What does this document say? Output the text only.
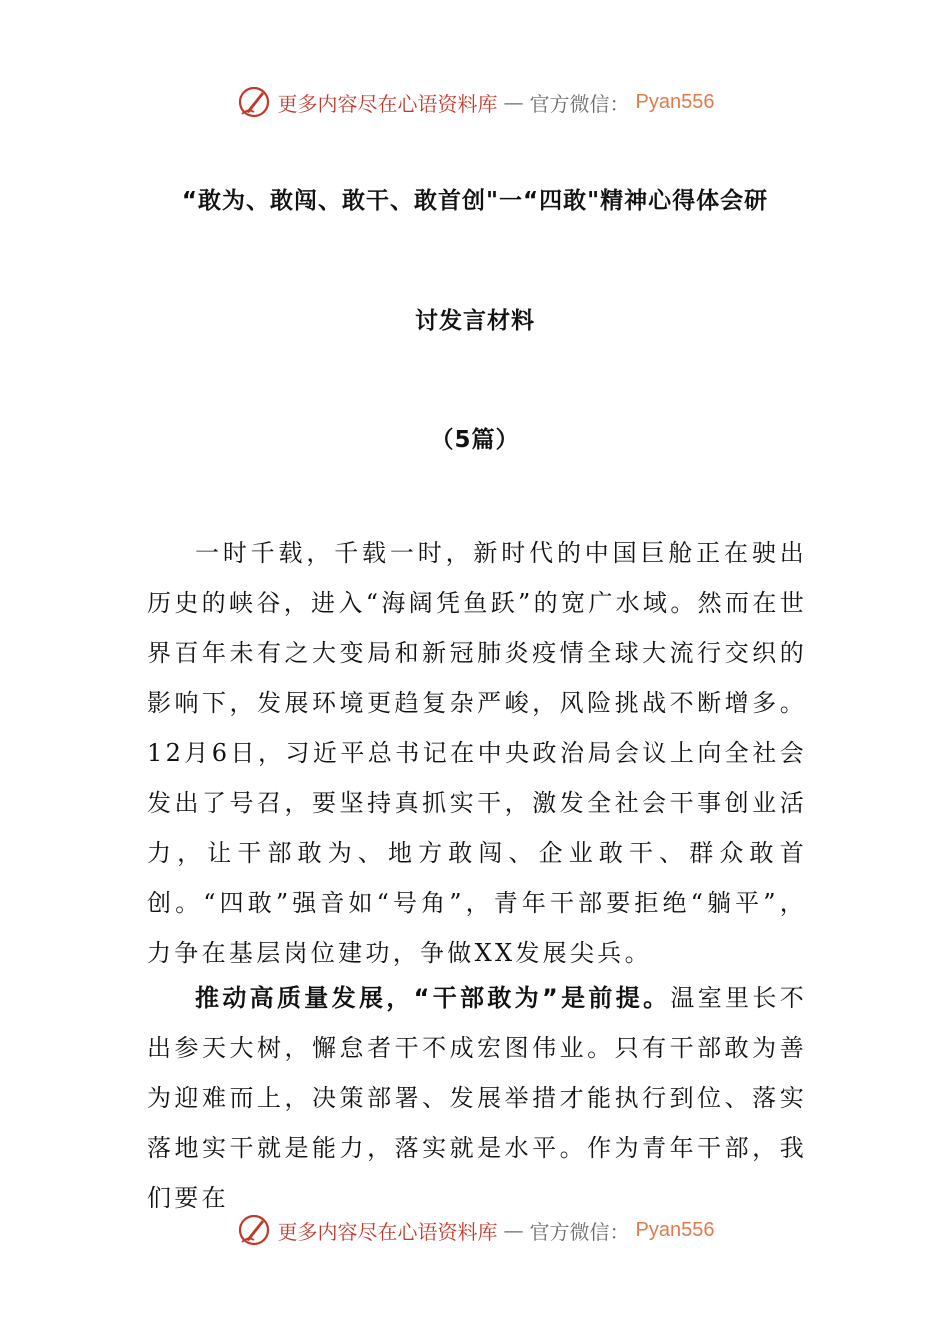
更多内容尽在心语资料库 — 官方微信： Pyan556
“敢为、敢闯、敢干、敢首创"一“四敢"精神心得体会研
讨发言材料
（5篇）

一时千载，千载一时，新时代的中国巨舱正在驶出历史的峡谷，进入“海阔凭鱼跃”的宽广水域。然而在世界百年未有之大变局和新冠肺炎疫情全球大流行交织的影响下，发展环境更趋复杂严峻，风险挑战不断增多。12月6日，习近平总书记在中央政治局会议上向全社会发出了号召，要坚持真抓实干，激发全社会干事创业活力，让干部敢为、地方敢闯、企业敢干、群众敢首创。“四敢”强音如“号角”，青年干部要拒绝“躺平”，力争在基层岗位建功，争做XX发展尖兵。

推动高质量发展，“干部敢为”是前提。温室里长不出参天大树，懈怠者干不成宏图伟业。只有干部敢为善为迎难而上，决策部署、发展举措才能执行到位、落实落地实干就是能力，落实就是水平。作为青年干部，我们要在

更多内容尽在心语资料库 — 官方微信： Pyan556
